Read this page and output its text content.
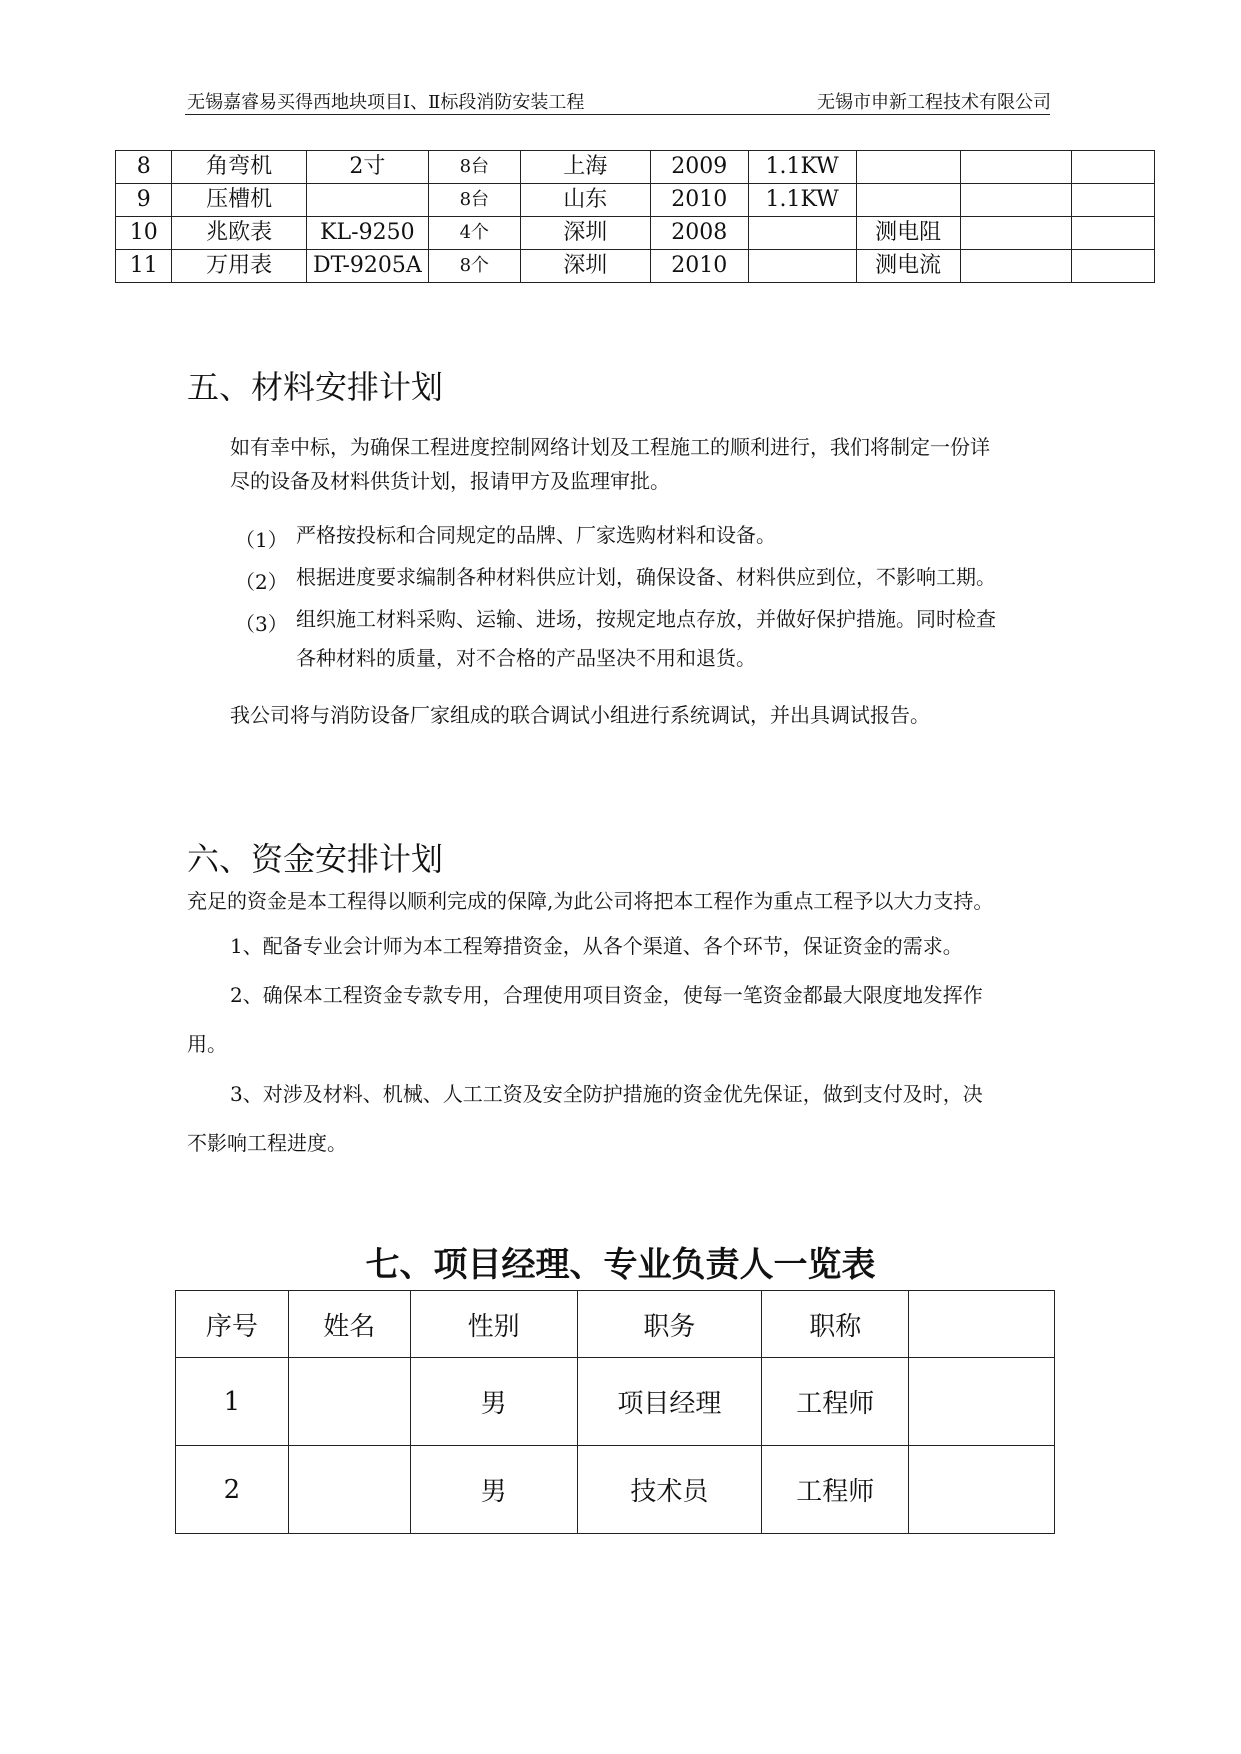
无锡嘉睿易买得西地块项目Ⅰ、Ⅱ标段消防安装工程	无锡市申新工程技术有限公司
8	角弯机	2寸	8台	上海	2009	1.1KW			
9	压槽机		8台	山东	2010	1.1KW			
10	兆欧表	KL-9250	4个	深圳	2008		测电阻		
11	万用表	DT-9205A	8个	深圳	2010		测电流		
五、材料安排计划
如有幸中标，为确保工程进度控制网络计划及工程施工的顺利进行，我们将制定一份详
尽的设备及材料供货计划，报请甲方及监理审批。
（1） 严格按投标和合同规定的品牌、厂家选购材料和设备。
（2） 根据进度要求编制各种材料供应计划，确保设备、材料供应到位，不影响工期。
（3） 组织施工材料采购、运输、进场，按规定地点存放，并做好保护措施。同时检查
各种材料的质量，对不合格的产品坚决不用和退货。
我公司将与消防设备厂家组成的联合调试小组进行系统调试，并出具调试报告。
六、资金安排计划
充足的资金是本工程得以顺利完成的保障,为此公司将把本工程作为重点工程予以大力支持。
1、配备专业会计师为本工程筹措资金，从各个渠道、各个环节，保证资金的需求。
2、确保本工程资金专款专用，合理使用项目资金，使每一笔资金都最大限度地发挥作
用。
3、对涉及材料、机械、人工工资及安全防护措施的资金优先保证，做到支付及时，决
不影响工程进度。
七、项目经理、专业负责人一览表
序号	姓名	性别	职务	职称	
1		男	项目经理	工程师	
2		男	技术员	工程师	
